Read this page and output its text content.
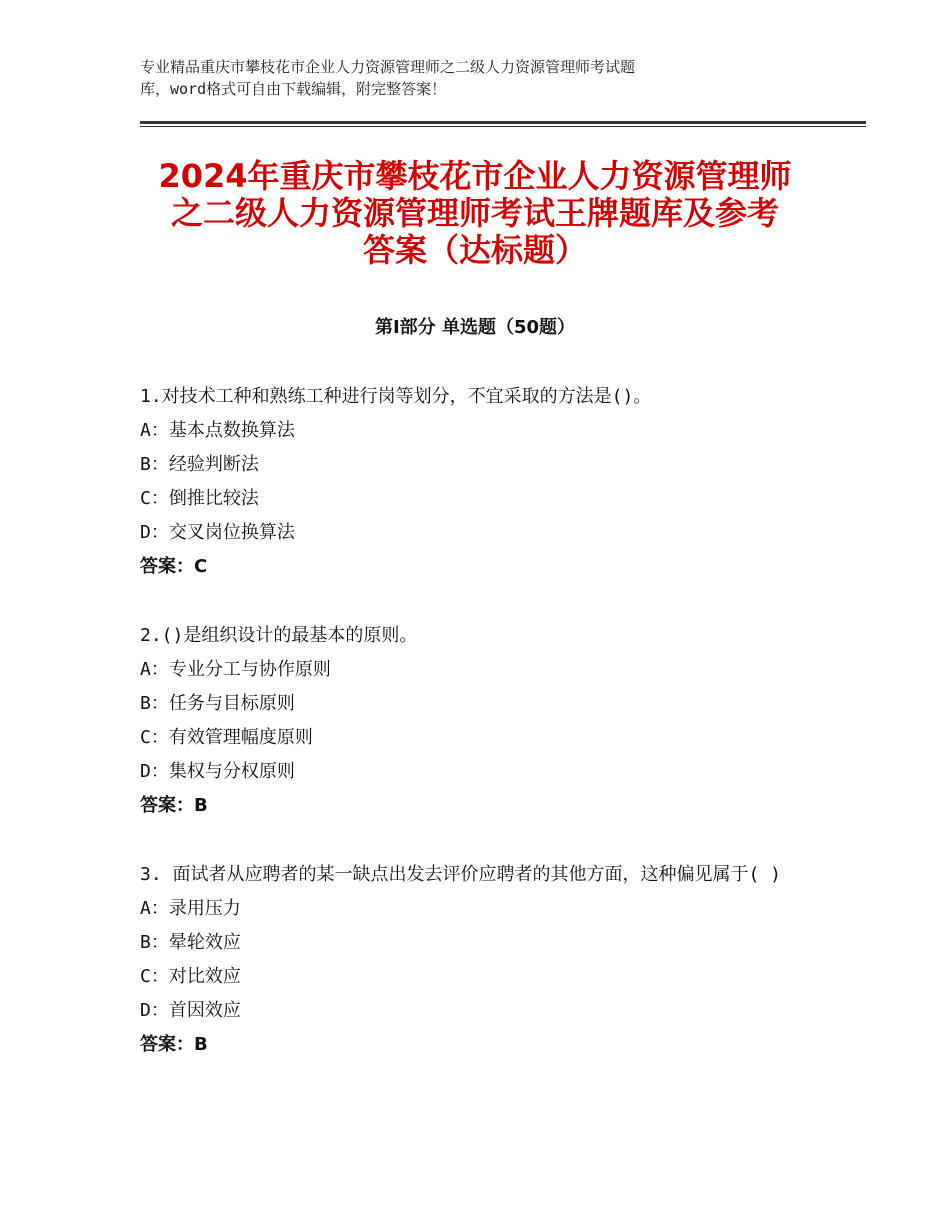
专业精品重庆市攀枝花市企业人力资源管理师之二级人力资源管理师考试题
库，word格式可自由下载编辑，附完整答案！
2024年重庆市攀枝花市企业人力资源管理师
之二级人力资源管理师考试王牌题库及参考
答案（达标题）
第Ⅰ部分 单选题（50题）
1.对技术工种和熟练工种进行岗等划分，不宜采取的方法是()。
A：基本点数换算法
B：经验判断法
C：倒推比较法
D：交叉岗位换算法
答案：C
2.()是组织设计的最基本的原则。
A：专业分工与协作原则
B：任务与目标原则
C：有效管理幅度原则
D：集权与分权原则
答案：B
3. 面试者从应聘者的某一缺点出发去评价应聘者的其他方面，这种偏见属于( )
A：录用压力
B：晕轮效应
C：对比效应
D：首因效应
答案：B
